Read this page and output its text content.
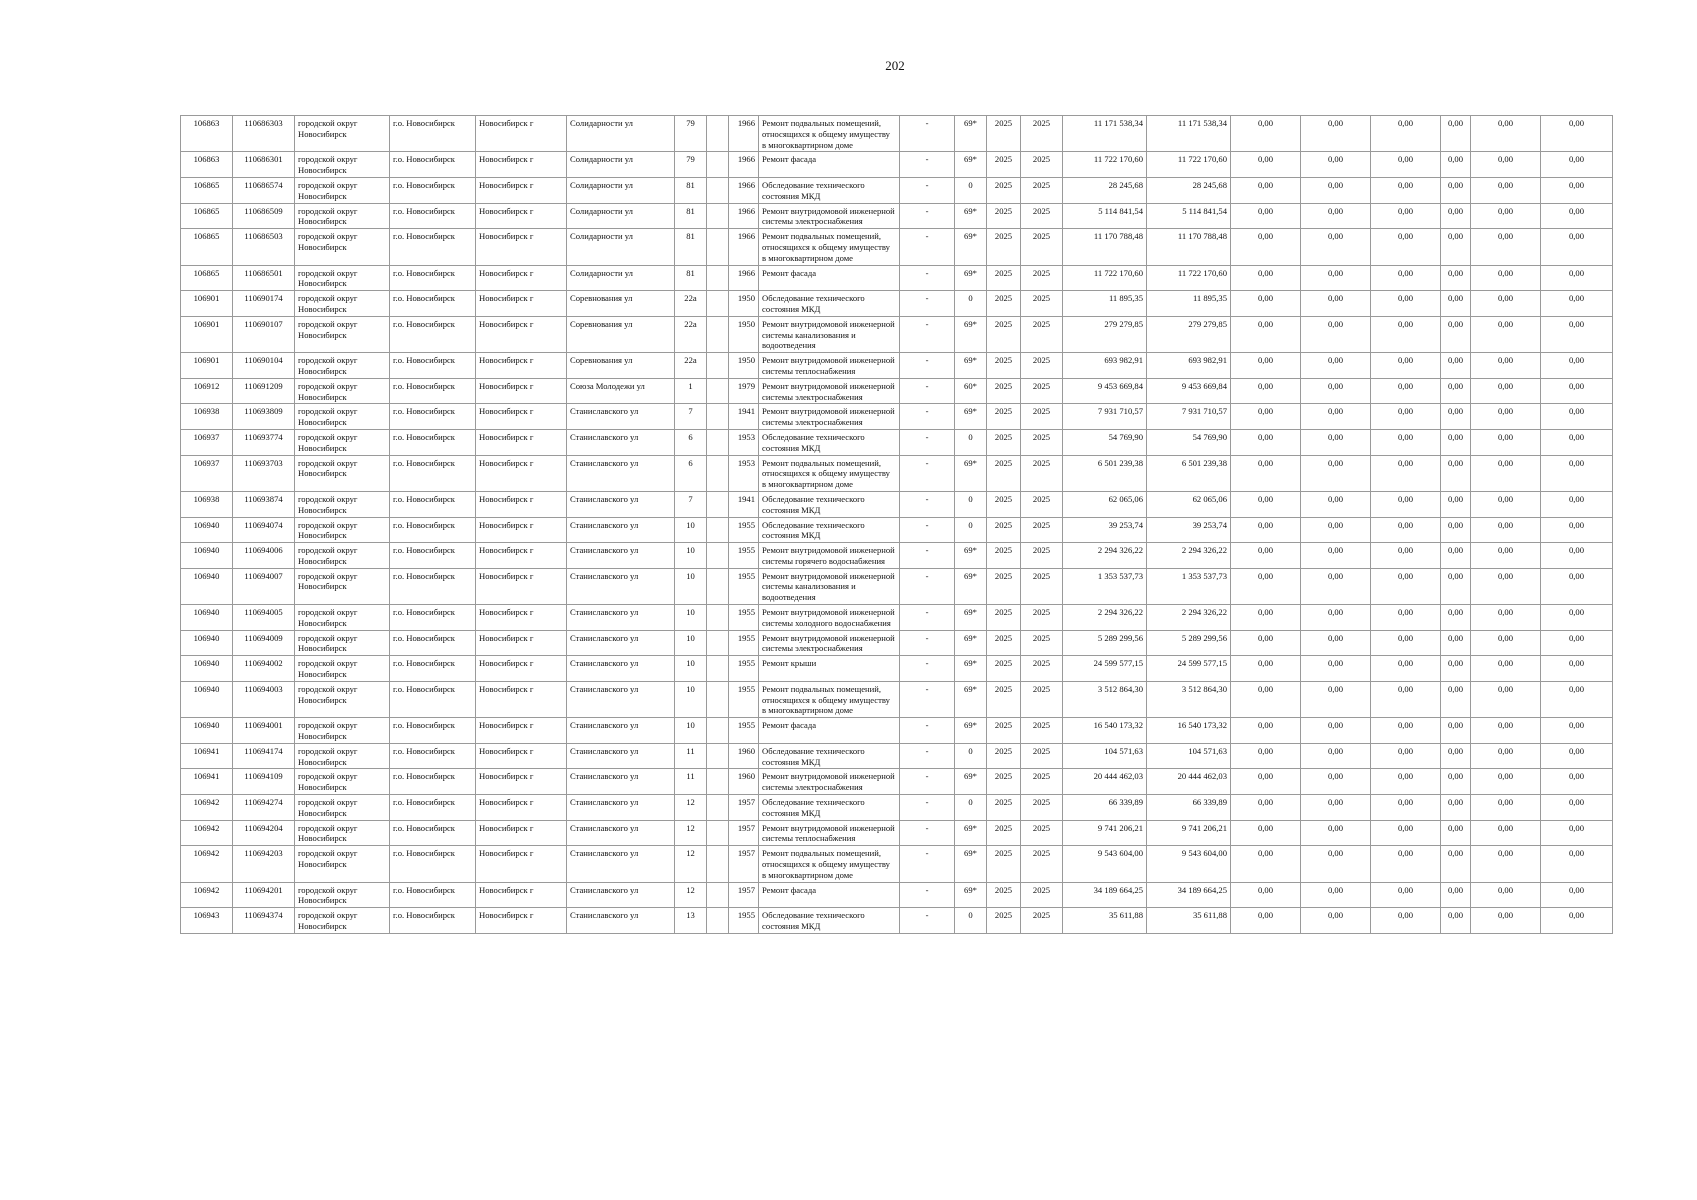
202
106863	110686303	городской округ Новосибирск	г.о. Новосибирск	Новосибирск г	Солидарности ул	79		1966	Ремонт подвальных помещений, относящихся к общему имуществу в многоквартирном доме	-	69*	2025	2025	11 171 538,34	11 171 538,34	0,00	0,00	0,00	0,00	0,00	0,00
106863	110686301	городской округ Новосибирск	г.о. Новосибирск	Новосибирск г	Солидарности ул	79		1966	Ремонт фасада	-	69*	2025	2025	11 722 170,60	11 722 170,60	0,00	0,00	0,00	0,00	0,00	0,00
106865	110686574	городской округ Новосибирск	г.о. Новосибирск	Новосибирск г	Солидарности ул	81		1966	Обследование технического состояния МКД	-	0	2025	2025	28 245,68	28 245,68	0,00	0,00	0,00	0,00	0,00	0,00
106865	110686509	городской округ Новосибирск	г.о. Новосибирск	Новосибирск г	Солидарности ул	81		1966	Ремонт внутридомовой инженерной системы электроснабжения	-	69*	2025	2025	5 114 841,54	5 114 841,54	0,00	0,00	0,00	0,00	0,00	0,00
106865	110686503	городской округ Новосибирск	г.о. Новосибирск	Новосибирск г	Солидарности ул	81		1966	Ремонт подвальных помещений, относящихся к общему имуществу в многоквартирном доме	-	69*	2025	2025	11 170 788,48	11 170 788,48	0,00	0,00	0,00	0,00	0,00	0,00
106865	110686501	городской округ Новосибирск	г.о. Новосибирск	Новосибирск г	Солидарности ул	81		1966	Ремонт фасада	-	69*	2025	2025	11 722 170,60	11 722 170,60	0,00	0,00	0,00	0,00	0,00	0,00
106901	110690174	городской округ Новосибирск	г.о. Новосибирск	Новосибирск г	Соревнования ул	22а		1950	Обследование технического состояния МКД	-	0	2025	2025	11 895,35	11 895,35	0,00	0,00	0,00	0,00	0,00	0,00
106901	110690107	городской округ Новосибирск	г.о. Новосибирск	Новосибирск г	Соревнования ул	22а		1950	Ремонт внутридомовой инженерной системы канализования и водоотведения	-	69*	2025	2025	279 279,85	279 279,85	0,00	0,00	0,00	0,00	0,00	0,00
106901	110690104	городской округ Новосибирск	г.о. Новосибирск	Новосибирск г	Соревнования ул	22а		1950	Ремонт внутридомовой инженерной системы теплоснабжения	-	69*	2025	2025	693 982,91	693 982,91	0,00	0,00	0,00	0,00	0,00	0,00
106912	110691209	городской округ Новосибирск	г.о. Новосибирск	Новосибирск г	Союза Молодежи ул	1		1979	Ремонт внутридомовой инженерной системы электроснабжения	-	60*	2025	2025	9 453 669,84	9 453 669,84	0,00	0,00	0,00	0,00	0,00	0,00
106938	110693809	городской округ Новосибирск	г.о. Новосибирск	Новосибирск г	Станиславского ул	7		1941	Ремонт внутридомовой инженерной системы электроснабжения	-	69*	2025	2025	7 931 710,57	7 931 710,57	0,00	0,00	0,00	0,00	0,00	0,00
106937	110693774	городской округ Новосибирск	г.о. Новосибирск	Новосибирск г	Станиславского ул	6		1953	Обследование технического состояния МКД	-	0	2025	2025	54 769,90	54 769,90	0,00	0,00	0,00	0,00	0,00	0,00
106937	110693703	городской округ Новосибирск	г.о. Новосибирск	Новосибирск г	Станиславского ул	6		1953	Ремонт подвальных помещений, относящихся к общему имуществу в многоквартирном доме	-	69*	2025	2025	6 501 239,38	6 501 239,38	0,00	0,00	0,00	0,00	0,00	0,00
106938	110693874	городской округ Новосибирск	г.о. Новосибирск	Новосибирск г	Станиславского ул	7		1941	Обследование технического состояния МКД	-	0	2025	2025	62 065,06	62 065,06	0,00	0,00	0,00	0,00	0,00	0,00
106940	110694074	городской округ Новосибирск	г.о. Новосибирск	Новосибирск г	Станиславского ул	10		1955	Обследование технического состояния МКД	-	0	2025	2025	39 253,74	39 253,74	0,00	0,00	0,00	0,00	0,00	0,00
106940	110694006	городской округ Новосибирск	г.о. Новосибирск	Новосибирск г	Станиславского ул	10		1955	Ремонт внутридомовой инженерной системы горячего водоснабжения	-	69*	2025	2025	2 294 326,22	2 294 326,22	0,00	0,00	0,00	0,00	0,00	0,00
106940	110694007	городской округ Новосибирск	г.о. Новосибирск	Новосибирск г	Станиславского ул	10		1955	Ремонт внутридомовой инженерной системы канализования и водоотведения	-	69*	2025	2025	1 353 537,73	1 353 537,73	0,00	0,00	0,00	0,00	0,00	0,00
106940	110694005	городской округ Новосибирск	г.о. Новосибирск	Новосибирск г	Станиславского ул	10		1955	Ремонт внутридомовой инженерной системы холодного водоснабжения	-	69*	2025	2025	2 294 326,22	2 294 326,22	0,00	0,00	0,00	0,00	0,00	0,00
106940	110694009	городской округ Новосибирск	г.о. Новосибирск	Новосибирск г	Станиславского ул	10		1955	Ремонт внутридомовой инженерной системы электроснабжения	-	69*	2025	2025	5 289 299,56	5 289 299,56	0,00	0,00	0,00	0,00	0,00	0,00
106940	110694002	городской округ Новосибирск	г.о. Новосибирск	Новосибирск г	Станиславского ул	10		1955	Ремонт крыши	-	69*	2025	2025	24 599 577,15	24 599 577,15	0,00	0,00	0,00	0,00	0,00	0,00
106940	110694003	городской округ Новосибирск	г.о. Новосибирск	Новосибирск г	Станиславского ул	10		1955	Ремонт подвальных помещений, относящихся к общему имуществу в многоквартирном доме	-	69*	2025	2025	3 512 864,30	3 512 864,30	0,00	0,00	0,00	0,00	0,00	0,00
106940	110694001	городской округ Новосибирск	г.о. Новосибирск	Новосибирск г	Станиславского ул	10		1955	Ремонт фасада	-	69*	2025	2025	16 540 173,32	16 540 173,32	0,00	0,00	0,00	0,00	0,00	0,00
106941	110694174	городской округ Новосибирск	г.о. Новосибирск	Новосибирск г	Станиславского ул	11		1960	Обследование технического состояния МКД	-	0	2025	2025	104 571,63	104 571,63	0,00	0,00	0,00	0,00	0,00	0,00
106941	110694109	городской округ Новосибирск	г.о. Новосибирск	Новосибирск г	Станиславского ул	11		1960	Ремонт внутридомовой инженерной системы электроснабжения	-	69*	2025	2025	20 444 462,03	20 444 462,03	0,00	0,00	0,00	0,00	0,00	0,00
106942	110694274	городской округ Новосибирск	г.о. Новосибирск	Новосибирск г	Станиславского ул	12		1957	Обследование технического состояния МКД	-	0	2025	2025	66 339,89	66 339,89	0,00	0,00	0,00	0,00	0,00	0,00
106942	110694204	городской округ Новосибирск	г.о. Новосибирск	Новосибирск г	Станиславского ул	12		1957	Ремонт внутридомовой инженерной системы теплоснабжения	-	69*	2025	2025	9 741 206,21	9 741 206,21	0,00	0,00	0,00	0,00	0,00	0,00
106942	110694203	городской округ Новосибирск	г.о. Новосибирск	Новосибирск г	Станиславского ул	12		1957	Ремонт подвальных помещений, относящихся к общему имуществу в многоквартирном доме	-	69*	2025	2025	9 543 604,00	9 543 604,00	0,00	0,00	0,00	0,00	0,00	0,00
106942	110694201	городской округ Новосибирск	г.о. Новосибирск	Новосибирск г	Станиславского ул	12		1957	Ремонт фасада	-	69*	2025	2025	34 189 664,25	34 189 664,25	0,00	0,00	0,00	0,00	0,00	0,00
106943	110694374	городской округ Новосибирск	г.о. Новосибирск	Новосибирск г	Станиславского ул	13		1955	Обследование технического состояния МКД	-	0	2025	2025	35 611,88	35 611,88	0,00	0,00	0,00	0,00	0,00	0,00
